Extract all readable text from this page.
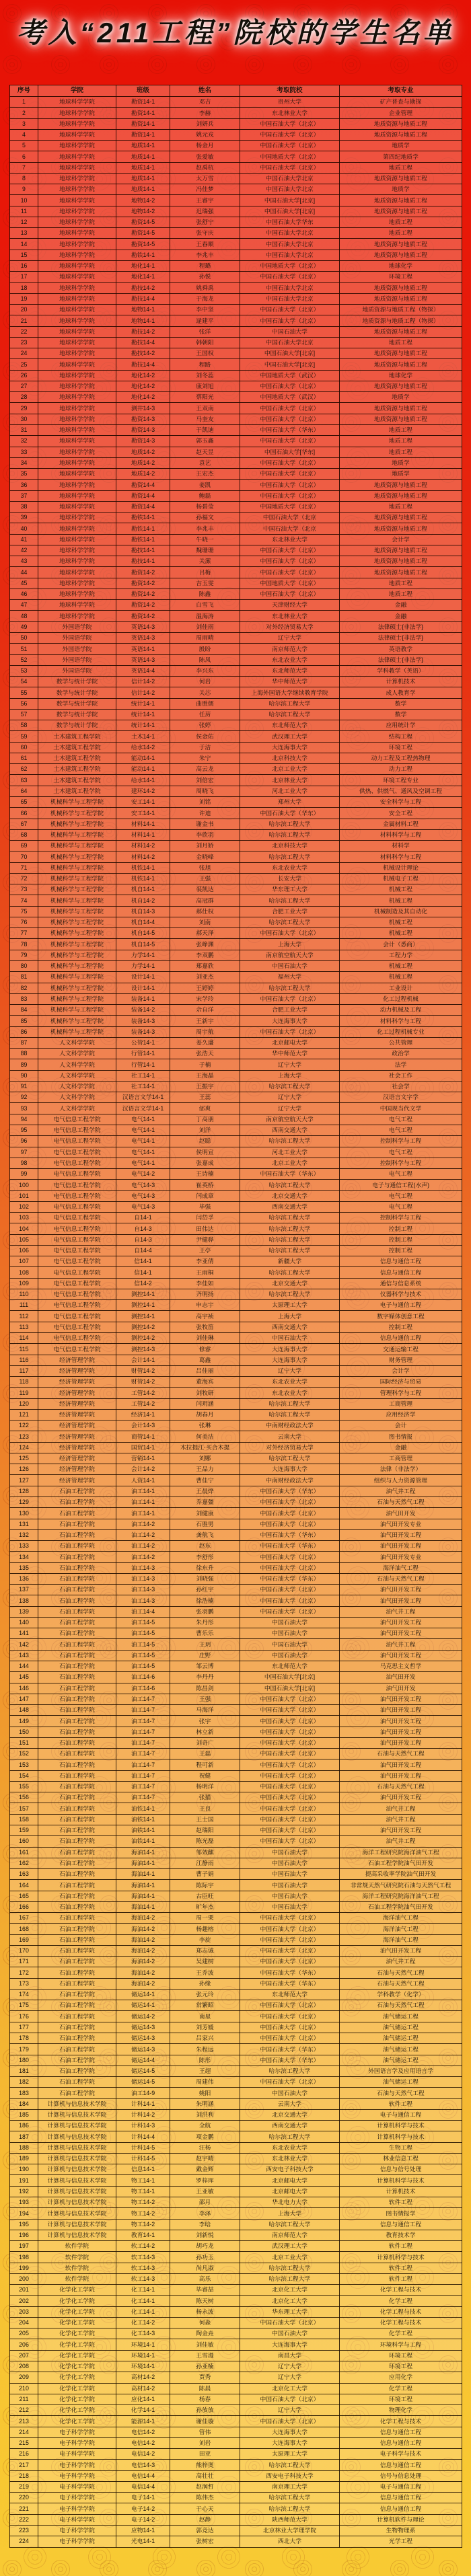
考入“211工程”院校的学生名单
序号	学院	班级	姓名	考取院校	考取专业
1	地球科学学院	勘资14-1	邓吉	贵州大学	矿产普查与勘探
2	地球科学学院	勘资14-1	李赫	东北林业大学	企业管理
3	地球科学学院	勘资14-1	刘妍兵	中国石油大学（北京）	地质资源与地质工程
4	地球科学学院	勘资14-1	姚元戎	中国石油大学（北京）	地质资源与地质工程
5	地球科学学院	地质14-1	杨金月	中国石油大学（北京）	地质学
6	地球科学学院	地质14-1	张爱敏	中国地质大学（北京）	第四纪地质学
7	地球科学学院	地质14-1	赵禹杭	中国石油大学（北京）	地质工程
8	地球科学学院	地质14-1	太万雪	中国石油大学北京	地质资源与地质工程
9	地球科学学院	地质14-1	冯佳梦	中国石油大学北京	地质学
10	地球科学学院	地物14-2	王睿宇	中国石油大学[北京]	地质资源与地质工程
11	地球科学学院	地物14-2	迟瑞强	中国石油大学[北京]	地质资源与地质工程
12	地球科学学院	勘资14-5	张舒宁	中国石油大学华东	地质工程
13	地球科学学院	勘资14-5	张守庆	中国石油大学北京	地质工程
14	地球科学学院	勘资14-5	王春顺	中国石油大学北京	地质资源与地质工程
15	地球科学学院	勘铁14-1	李兆丰	中国石油大学北京	地质资源与地质工程
16	地球科学学院	地化14-1	程璐	中国地质大学（北京）	地球化学
17	地球科学学院	地化14-1	孙悦	中国石油大学（北京）	环境工程
18	地球科学学院	勘技14-2	姚舜禹	中国石油大学北京	地质资源与地质工程
19	地球科学学院	勘技14-4	于海龙	中国石油大学北京	地质资源与地质工程
20	地球科学学院	地物14-1	李中坚	中国石油大学（北京）	地质资源与地质工程（物探）
21	地球科学学院	地物14-1	逯建平	中国石油大学（北京）	地质资源与地质工程（物探）
22	地球科学学院	勘技14-2	张洋	中国石油大学	地质资源与地质工程
23	地球科学学院	勘技14-4	韩朝阳	中国石油大学北京	地质工程
24	地球科学学院	勘技14-2	王国权	中国石油大学[北京]	地质资源与地质工程
25	地球科学学院	勘技14-4	程路	中国石油大学[北京]	地质资源与地质工程
26	地球科学学院	地化14-2	刘冬蕊	中国地质大学（武汉）	地球化学
27	地球科学学院	地化14-2	康刘旭	中国石油大学（北京）	地质资源与地质工程
28	地球科学学院	地化14-2	蔡阳光	中国地质大学（武汉）	地质学
29	地球科学学院	测井14-3	王双南	中国石油大学（北京）	地质资源与地质工程
30	地球科学学院	勘资14-3	马奎友	中国石油大学（北京）	地质资源与地质工程
31	地球科学学院	勘资14-3	于凯迪	中国石油大学（华东）	地质工程
32	地球科学学院	勘资14-3	郭玉鑫	中国石油大学（北京）	地质工程
33	地球科学学院	地质14-2	赵天昱	中国石油大学[华东]	地质工程
34	地球科学学院	地质14-2	袁艺	中国石油大学（北京）	地质学
35	地球科学学院	地质14-2	王宏杰	中国石油大学（北京）	地质学
36	地球科学学院	勘资14-4	姜凯	中国石油大学（北京）	地质资源与地质工程
37	地球科学学院	勘资14-4	鲍磊	中国石油大学（北京）	地质资源与地质工程
38	地球科学学院	勘资14-4	杨碧莹	中国地质大学（北京）	地质工程
39	地球科学学院	勘铁14-1	孙福文	中国石油大学（北京	地质资源与地质工程
40	地球科学学院	勘铁14-1	李兆丰	中国石油大学（北京	地质资源与地质工程
41	地球科学学院	勘铁14-1	牛晓一	东北林业大学	会计学
42	地球科学学院	勘技14-1	魏珊珊	中国石油大学（北京）	地质资源与地质工程
43	地球科学学院	勘技14-1	关潆	中国石油大学（北京）	地质资源与地质工程
44	地球科学学院	勘资14-2	吕梅	中国石油大学（北京）	地质资源与地质工程
45	地球科学学院	勘资14-2	吉玉雯	中国地质大学（北京）	地质工程
46	地球科学学院	勘资14-2	陈鑫	中国石油大学（北京）	地质工程
47	地球科学学院	勘资14-2	白雪飞	天津财经大学	金融
48	地球科学学院	勘资14-2	温海涛	东北林业大学	金融
49	外国语学院	英语14-3	刘佳雨	对外经济贸易大学	法律硕士{非法学}
50	外国语学院	英语14-3	周雨晴	辽宁大学	法律硕士{非法学}
51	外国语学院	英语14-1	殷盼	南京师范大学	英语教学
52	外国语学院	英语14-3	陈凤	东北农业大学	法律硕士{非法学}
53	外国语学院	英语14-4	李兴东	东北师范大学	学科教学（英语）
54	数学与统计学院	信计14-2	何岩	华中师范大学	计算机技术
55	数学与统计学院	信计14-2	关芯	上海外国语大学继续教育学院	成人教育学
56	数学与统计学院	统计14-1	曲胜儒	哈尔滨工程大学	数学
57	数学与统计学院	统计14-1	任苈	哈尔滨工程大学	数学
58	数学与统计学院	统计14-1	张婷	东北师范大学	应用统计学
59	土木建筑工程学院	土木14-1	侯金佑	武汉理工大学	结构工程
60	土木建筑工程学院	给水14-2	于洁	大连海事大学	环境工程
61	土木建筑工程学院	能动14-1	朱宁	北京科技大学	动力工程及工程热物理
62	土木建筑工程学院	能动14-1	高云龙	北京工业大学	动力工程
63	土木建筑工程学院	给水14-1	刘倍宏	北京林业大学	环境工程专业
64	土木建筑工程学院	建环14-2	周晓飞	河北工业大学	供热、供燃气、通风及空调工程
65	机械科学与工程学院	安工14-1	刘铭	郑州大学	安全科学与工程
66	机械科学与工程学院	安工14-1	许迪	中国石油大学（华东）	安全工程
67	机械科学与工程学院	材料14-1	谢金书	哈尔滨工程大学	金属材料工程
68	机械科学与工程学院	材料14-1	李欣羽	哈尔滨工程大学	材料科学与工程
69	机械科学与工程学院	材料14-2	刘月娇	北京科技大学	材料学
70	机械科学与工程学院	材料14-2	金晓峰	哈尔滨工程大学	材料科学与工程
71	机械科学与工程学院	机铁14-1	张旭	东北农业大学	机械设计理论
72	机械科学与工程学院	机铁14-1	王强	长安大学	机械电子工程
73	机械科学与工程学院	机自14-1	裘凯达	华东理工大学	机械工程
74	机械科学与工程学院	机自14-2	高冠群	哈尔滨工程大学	机械工程
75	机械科学与工程学院	机自14-3	郝仕权	合肥工业大学	机械制造及其自动化
76	机械科学与工程学院	机自14-4	刘南	哈尔滨工程大学	机械工程
77	机械科学与工程学院	机自14-5	郝天泽	中国石油大学（北京）	机械工程
78	机械科学与工程学院	机自14-5	张峥渊	上海大学	会计（悉商）
79	机械科学与工程学院	力学14-1	李双鹏	南京航空航天大学	工程力学
80	机械科学与工程学院	力学14-1	郑嘉欣	中国石油大学	机械工程
81	机械科学与工程学院	设计14-1	刘亚杰	福州大学	机械工程
82	机械科学与工程学院	设计14-1	王婷婷	哈尔滨工程大学	工业设计
83	机械科学与工程学院	装备14-1	宋学玲	中国石油大学（北京）	化工过程机械
84	机械科学与工程学院	装备14-2	佘自洋	合肥工业大学	动力机械及工程
85	机械科学与工程学院	装备14-3	王新宇	大连海事大学	材料科学与工程
86	机械科学与工程学院	装备14-3	周宇航	中国石油大学（北京）	化工过程机械专业
87	人文科学学院	公管14-1	姜久盛	北京邮电大学	公共管理
88	人文科学学院	行管14-1	张浩天	华中师范大学	政治学
89	人文科学学院	行管14-1	于楠	辽宁大学	法学
90	人文科学学院	社工14-1	王海晶	上海大学	社会工作
91	人文科学学院	社工14-1	王振宇	哈尔滨工程大学	社会学
92	人文科学学院	汉语言文学14-1	王蕊	辽宁大学	汉语言文字学
93	人文科学学院	汉语言文学14-1	邰爽	辽宁大学	中国现当代文学
94	电气信息工程学院	电气14-1	丁高朋	南京航空航天大学	电气工程
95	电气信息工程学院	电气14-1	刘洋	西南交通大学	电气工程
96	电气信息工程学院	电气14-1	赵聪	哈尔滨工程大学	控制科学与工程
97	电气信息工程学院	电气14-1	侯明宣	河北工业大学	电气工程
98	电气信息工程学院	电气14-1	张嘉成	北京工业大学	控制科学与工程
99	电气信息工程学院	电气14-2	王诗楠	中国石油大学（华东）	电气工程
100	电气信息工程学院	电气14-3	崔英桥	哈尔滨工程大学	电子与通信工程(水声)
101	电气信息工程学院	电气14-3	闫成章	北京交通大学	电气工程
102	电气信息工程学院	电气14-3	毕强	西南交通大学	电气工程
103	电气信息工程学院	自14-1	闫岱孚	哈尔滨工程大学	控制科学与工程
104	电气信息工程学院	自14-3	田伟达	哈尔滨工程大学	控制工程
105	电气信息工程学院	自14-3	尹健骅	哈尔滨工程大学	控制工程
106	电气信息工程学院	自14-4	王亭	哈尔滨工程大学	控制工程
107	电气信息工程学院	信14-1	李亚倩	新疆大学	信息与通信工程
108	电气信息工程学院	信14-1	王雨桐	哈尔滨工程大学	信息与通信工程
109	电气信息工程学院	信14-2	李佳如	北京交通大学	通信与信息系统
110	电气信息工程学院	测控14-1	齐明扬	哈尔滨工程大学	仪器科学与技术
111	电气信息工程学院	测控14-1	申志宇	太原理工大学	电子与通信工程
112	电气信息工程学院	测控14-1	高宇祯	上海大学	数字媒体创意工程
113	电气信息工程学院	测控14-2	张牧笛	西南交通大学	控制工程
114	电气信息工程学院	测控14-2	刘佳琳	中国石油大学	信息与通信工程
115	电气信息工程学院	测控14-3	修睿	大连海事大学	交通运输工程
116	经济管理学院	会计14-1	葛鑫	大连海事大学	财务管理
117	经济管理学院	财管14-2	吕佳丽	辽宁大学	会计学
118	经济管理学院	财管14-2	董海宾	东北农业大学	国际经济与贸易
119	经济管理学院	工管14-2	刘牧研	东北农业大学	管理科学与工程
120	经济管理学院	工管14-2	闫玥涵	哈尔滨工程大学	工商管理
121	经济管理学院	经济14-1	胡春月	哈尔滨工程大学	应用经济学
122	经济管理学院	会计14-3	张琳	中南财经政法大学	会计
123	经济管理学院	商管14-1	何美洁	云南大学	图书情报
124	经济管理学院	国贸14-1	木拉提江·买合木提	对外经济贸易大学	金融
125	经济管理学院	营销14-1	刘娜	哈尔滨工程大学	工商管理
126	经济管理学院	会计14-2	王品力	大连海事大学	法律（非法学）
127	经济管理学院	人资14-1	曹佳宁	中南财经政法大学	组织与人力资源管理
128	石油工程学院	油工14-1	王晨烨	中国石油大学（华东）	油气井工程
129	石油工程学院	油工14-1	乔嘉彊	中国石油大学（北京）	石油与天然气工程
130	石油工程学院	油工14-1	刘健康	中国石油大学（北京）	油气田开发
131	石油工程学院	油工14-2	石胜男	中国石油大学（北京）	油气田开发专业
132	石油工程学院	油工14-2	龚航飞	中国石油大学（华东）	油气田开发工程
133	石油工程学院	油工14-2	赵东	中国石油大学（华东）	油气田开发工程
134	石油工程学院	油工14-2	李舒彤	中国石油大学（北京）	油气田开发专业
135	石油工程学院	油工14-3	徐东升	中国石油大学（北京）	海洋油气工程
136	石油工程学院	油工14-3	刘晓强	中国石油大学（华东）	石油与天然气工程
137	石油工程学院	油工14-3	孙红宇	中国石油大学（北京）	油气田开发工程
138	石油工程学院	油工14-3	徐浩楠	中国石油大学（北京）	油气田开发工程
139	石油工程学院	油工14-4	张羽鹏	中国石油大学（北京）	油气井工程
140	石油工程学院	油工14-5	朱丹彤	中国石油大学	油气田开发工程
141	石油工程学院	油工14-5	曹乐乐	中国石油大学	油气田开发工程
142	石油工程学院	油工14-5	王玥	中国石油大学	油气井工程
143	石油工程学院	油工14-5	庄野	中国石油大学	油气田开发工程
144	石油工程学院	油工14-5	邹云博	东北师范大学	马克思主义哲学
145	石油工程学院	油工14-6	李丹丹	中国石油大学[北京]	油气田开发
146	石油工程学院	油工14-6	陈昌剑	中国石油大学[北京]	油气田开发
147	石油工程学院	油工14-7	王强	中国石油大学（北京）	油气田开发工程
148	石油工程学院	油工14-7	马海洋	中国石油大学（北京）	油气田开发工程
149	石油工程学院	油工14-7	张宇	中国石油大学（北京）	油气田开发工程
150	石油工程学院	油工14-7	林立新	中国石油大学（北京）	油气田开发工程
151	石油工程学院	油工14-7	刘奇广	中国石油大学（北京）	油气田开发工程
152	石油工程学院	油工14-7	王磊	中国石油大学（北京）	石油与天然气工程
153	石油工程学院	油工14-7	程可新	中国石油大学（北京）	油气田开发工程
154	石油工程学院	油工14-7	祝健	中国石油大学（北京）	油气田开发工程
155	石油工程学院	油工14-7	杨明洋	中国石油大学（北京）	石油与天然气工程
156	石油工程学院	油工14-7	张猫	中国石油大学（北京）	油气田开发工程
157	石油工程学院	油铁14-1	王良	中国石油大学（北京）	油气井工程
158	石油工程学院	油铁14-1	王士国	中国石油大学（北京）	油气井工程
159	石油工程学院	油铁14-1	赵瑞阳	中国石油大学（北京）	油气田开发工程
160	石油工程学院	油铁14-1	陈光磊	中国石油大学（北京）	油气井工程
161	石油工程学院	海油14-1	邹效麒	中国石油大学	海洋工程研究院海洋油气工程
162	石油工程学院	海油14-1	江静雨	中国石油大学	石油工程学院油气田开发
163	石油工程学院	海油14-1	曹子娟	中国石油大学	提高采收率学院油气田开发
164	石油工程学院	海油14-1	陈际宇	中国石油大学	非常规天然气研究院石油与天然气工程
165	石油工程学院	海油14-1	古臣旺	中国石油大学	海洋工程研究院海洋油气工程
166	石油工程学院	海油14-1	旷年杰	中国石油大学	石油工程学院油气田开发
167	石油工程学院	海油14-2	周一栗	中国石油大学（北京）	海洋油气工程
168	石油工程学院	海油14-2	杨趣榕	中国石油大学（北京）	海洋油气工程
169	石油工程学院	海油14-2	李旋	中国石油大学（北京）	海洋油气工程
170	石油工程学院	海油14-2	郑志诚	中国石油大学（北京）	油气田开发工程
171	石油工程学院	海油14-2	吴建树	中国石油大学（北京）	油气井工程
172	石油工程学院	海油14-2	王乔波	中国石油大学（华东）	石油与天然气工程
173	石油工程学院	海油14-2	孙缘	中国石油大学（华东）	石油与天然气工程
174	石油工程学院	储运14-1	张元玲	东北师范大学	学科教学（化学）
175	石油工程学院	储运14-1	常繁昭	中国石油大学（北京）	石油与天然气工程
176	石油工程学院	储运14-2	南星	中国石油大学（北京）	油气储运工程
177	石油工程学院	储运14-3	刘芳媛	中国石油大学（北京）	油气储运工程
178	石油工程学院	储运14-3	吕家兴	中国石油大学（北京）	油气储运工程
179	石油工程学院	储运14-3	朱程远	中国石油大学（华东）	油气储运工程
180	石油工程学院	储运14-4	陈彤	中国石油大学（华东）	油气储运工程
181	石油工程学院	储运14-5	王超	哈尔滨工程大学	外国语言学及应用语言学
182	石油工程学院	储运14-5	周建伟	中国石油大学（北京）	油气储运工程
183	石油工程学院	油工14-9	姚阳	中国石油大学	石油与天然气工程
184	计算机与信息技术学院	计科14-1	朱明涵	云南大学	软件工程
185	计算机与信息技术学院	计科14-2	刘洪利	北京交通大学	电子与通信工程
186	计算机与信息技术学院	计科14-3	全航	西南交通大学	计算机科学与技术
187	计算机与信息技术学院	计科14-4	项金鹏	哈尔滨工程大学	计算机科学与技术
188	计算机与信息技术学院	计科14-5	汪杨	东北农业大学	生物工程
189	计算机与信息技术学院	计科14-5	赵宇晴	东北林业大学	林业信息工程
190	计算机与信息技术学院	信息14-1	戴金辉	西安电子科技大学	信息与信号处理
191	计算机与信息技术学院	物工14-1	罗梓珲	北京邮电大学	计算机科学与技术
192	计算机与信息技术学院	物工14-1	王亚敏	北京邮电大学	计算机技术
193	计算机与信息技术学院	物工14-2	邵月	华北电力大学	软件工程
194	计算机与信息技术学院	物工14-2	李泽	上海大学	图书情报学
195	计算机与信息技术学院	物工14-2	李晗	哈尔滨工程大学	信息与通信工程
196	计算机与信息技术学院	教育14-1	刘新悦	南京师范大学	教育技术学
197	软件学院	软工14-2	胡巧龙	武汉理工大学	软件工程
198	软件学院	软工14-3	孙功玉	北京工业大学	计算机科学与技术
199	软件学院	软工14-3	尚凡淑	哈尔滨工程大学	软件工程
200	软件学院	软工14-3	高乐	哈尔滨工程大学	软件工程
201	化学化工学院	化工14-1	毕睿喆	北京化工大学	化学工程与技术
202	化学化工学院	化工14-1	陈天树	北京化工大学	化学工程
203	化学化工学院	化工14-1	杨永波	华东理工大学	化学工程与技术
204	化学化工学院	化工14-2	何淼	中国石油大学（北京）	化学工程与技术
205	化学化工学院	化工14-3	陶金垚	中国石油大学	化学工程
206	化学化工学院	环境14-1	刘佳敏	大连海事大学	环境科学与工程
207	化学化工学院	环境14-1	王雪漫	南昌大学	环境工程
208	化学化工学院	环境14-1	孙亚楠	辽宁大学	环境工程
209	化学化工学院	高材14-2	贾秀	辽宁大学	应用化学
210	化学化工学院	高材14-2	陈晨	北京化工大学	化学工程
211	化学化工学院	应化14-1	杨春	中国石油大学（北京）	环境工程
212	化学化工学院	化学14-1	孙放放	辽宁大学	物理化学
213	化学化工学院	能源14-1	谢佳璇	中国石油大学（北京）	化学工程与技术
214	电子科学学院	电信14-2	管伟	大连海事大学	信息与通信工程
215	电子科学学院	电信14-2	刘岩	大连海事大学	信息与通信工程
216	电子科学学院	电信14-2	田亚	太原理工大学	电子科学与技术
217	电子科学学院	电信14-3	熊梓奥	哈尔滨工程大学	信息与通信工程
218	电子科学学院	电信14-4	高壮壮	西安电子科技大学	信号与信息处理
219	电子科学学院	电信14-4	赵润哲	南京理工大学	电子与通信工程
220	电子科学学院	电子14-1	陈伟杰	哈尔滨工程大学	信息与通信工程
221	电子科学学院	电子14-2	于心天	哈尔滨工程大学	信息与通信工程
222	电子科学学院	电子14-2	赵静	陕西师范大学	计算机软件与理论
223	电子科学学院	应物14-1	郭竞达	北京林业大学理学院	生物物理系
224	电子科学学院	光电14-1	张树宏	西北大学	光学工程
